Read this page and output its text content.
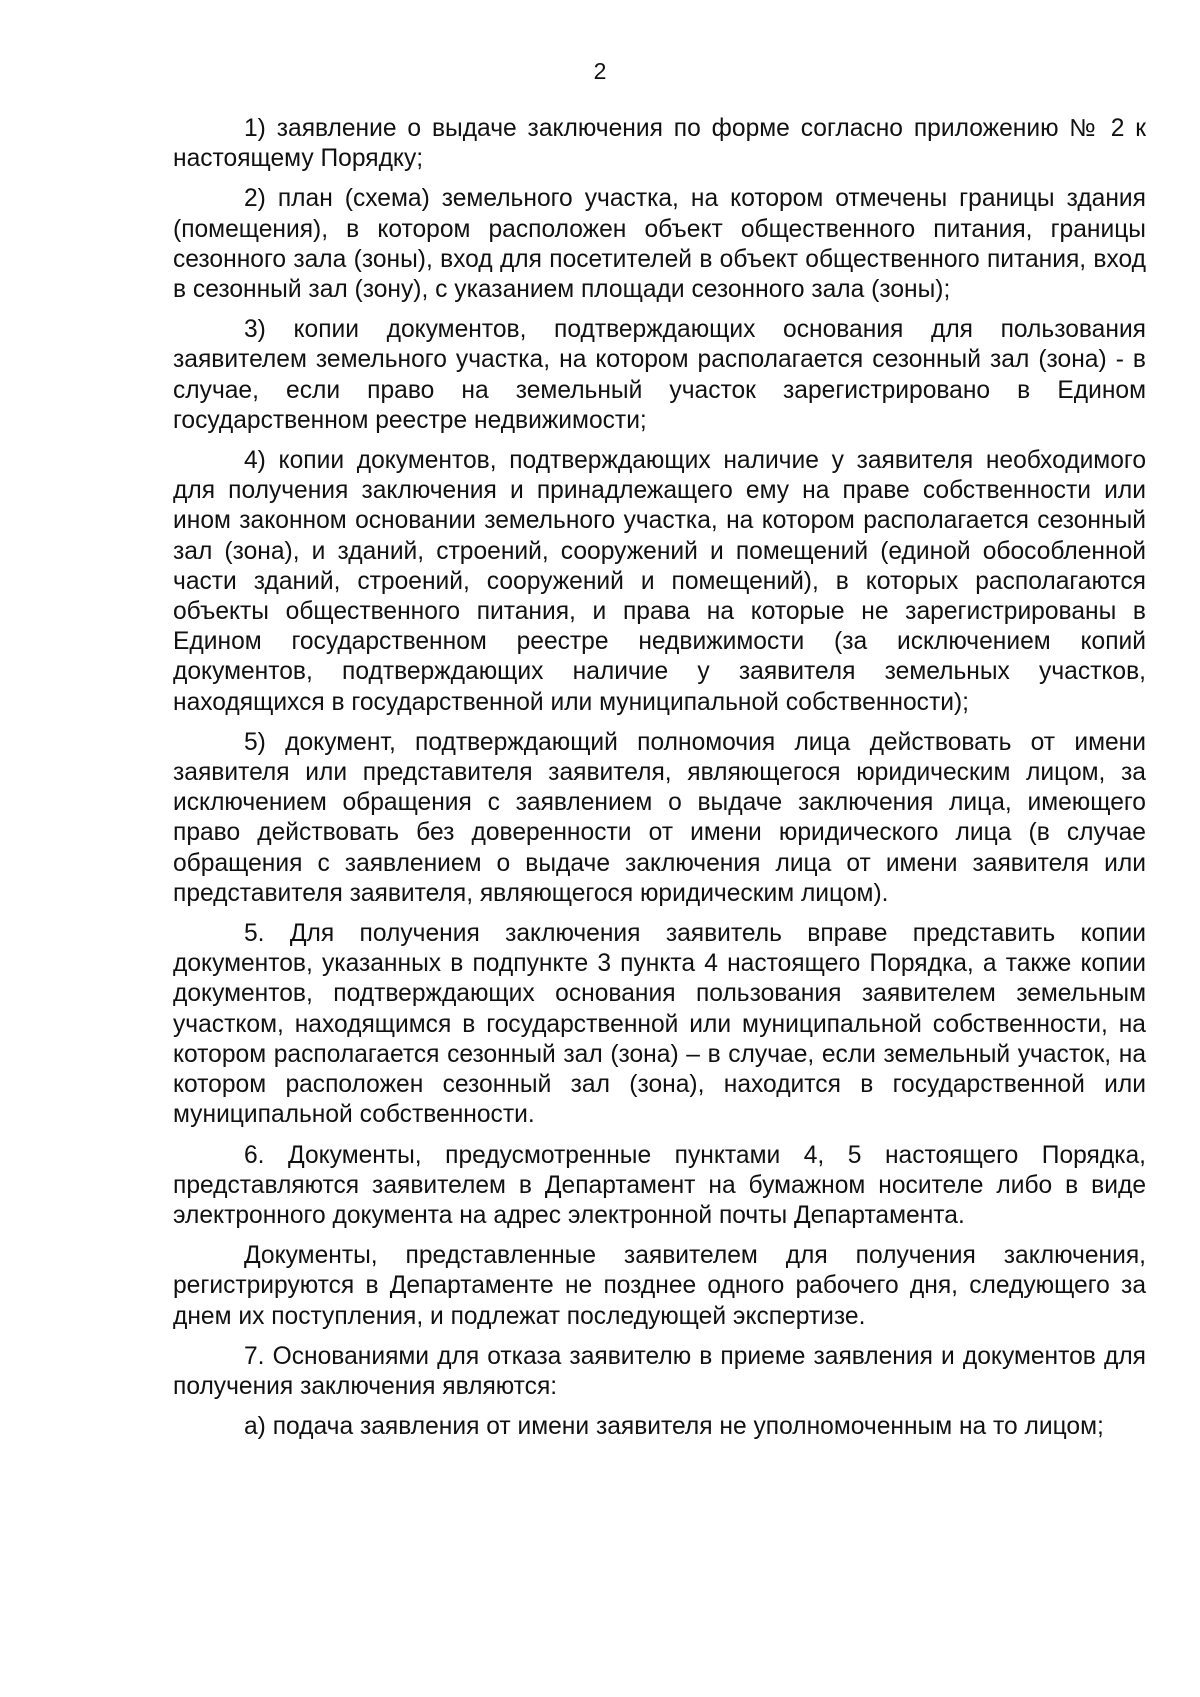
2

1) заявление о выдаче заключения по форме согласно приложению № 2 к настоящему Порядку;

2) план (схема) земельного участка, на котором отмечены границы здания (помещения), в котором расположен объект общественного питания, границы сезонного зала (зоны), вход для посетителей в объект общественного питания, вход в сезонный зал (зону), с указанием площади сезонного зала (зоны);

3) копии документов, подтверждающих основания для пользования заявителем земельного участка, на котором располагается сезонный зал (зона) - в случае, если право на земельный участок зарегистрировано в Едином государственном реестре недвижимости;

4) копии документов, подтверждающих наличие у заявителя необходимого для получения заключения и принадлежащего ему на праве собственности или ином законном основании земельного участка, на котором располагается сезонный зал (зона), и зданий, строений, сооружений и помещений (единой обособленной части зданий, строений, сооружений и помещений), в которых располагаются объекты общественного питания, и права на которые не зарегистрированы в Едином государственном реестре недвижимости (за исключением копий документов, подтверждающих наличие у заявителя земельных участков, находящихся в государственной или муниципальной собственности);

5) документ, подтверждающий полномочия лица действовать от имени заявителя или представителя заявителя, являющегося юридическим лицом, за исключением обращения с заявлением о выдаче заключения лица, имеющего право действовать без доверенности от имени юридического лица (в случае обращения с заявлением о выдаче заключения лица от имени заявителя или представителя заявителя, являющегося юридическим лицом).

5. Для получения заключения заявитель вправе представить копии документов, указанных в подпункте 3 пункта 4 настоящего Порядка, а также копии документов, подтверждающих основания пользования заявителем земельным участком, находящимся в государственной или муниципальной собственности, на котором располагается сезонный зал (зона) – в случае, если земельный участок, на котором расположен сезонный зал (зона), находится в государственной или муниципальной собственности.

6. Документы, предусмотренные пунктами 4, 5 настоящего Порядка, представляются заявителем в Департамент на бумажном носителе либо в виде электронного документа на адрес электронной почты Департамента.

Документы, представленные заявителем для получения заключения, регистрируются в Департаменте не позднее одного рабочего дня, следующего за днем их поступления, и подлежат последующей экспертизе.

7. Основаниями для отказа заявителю в приеме заявления и документов для получения заключения являются:

а) подача заявления от имени заявителя не уполномоченным на то лицом;
